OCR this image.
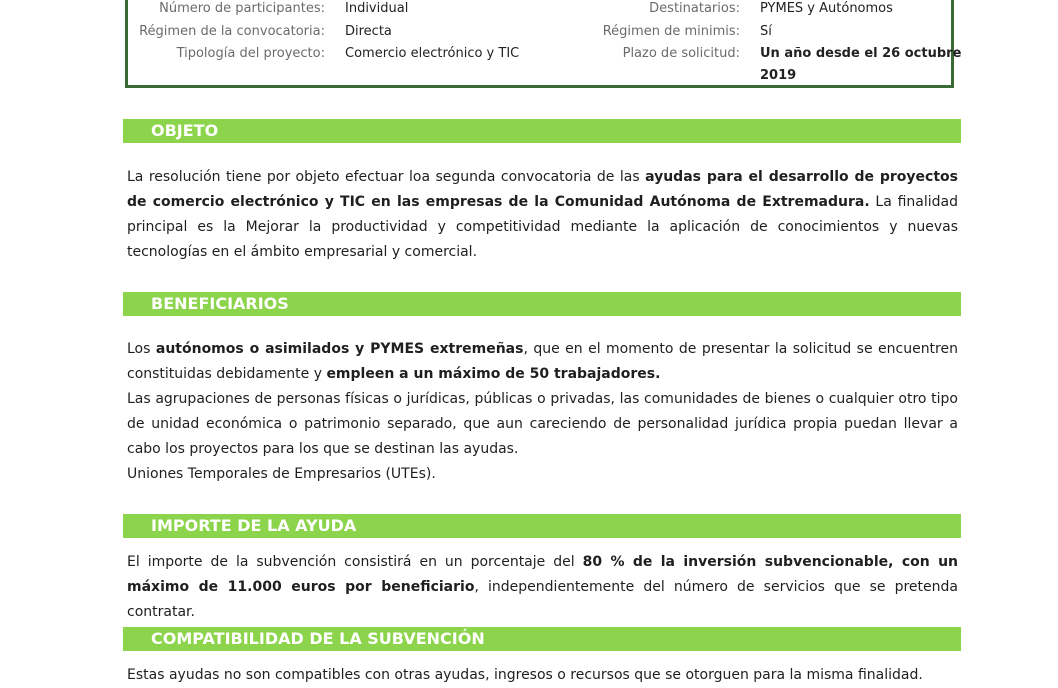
Número de participantes: Individual
Régimen de la convocatoria: Directa
Tipología del proyecto: Comercio electrónico y TIC
Destinatarios: PYMES y Autónomos
Régimen de minimis: Sí
Plazo de solicitud: Un año desde el 26 octubre
2019
OBJETO

La resolución tiene por objeto efectuar loa segunda convocatoria de las ayudas para el desarrollo de proyectos de comercio electrónico y TIC en las empresas de la Comunidad Autónoma de Extremadura. La finalidad principal es la Mejorar la productividad y competitividad mediante la aplicación de conocimientos y nuevas tecnologías en el ámbito empresarial y comercial.

BENEFICIARIOS

Los autónomos o asimilados y PYMES extremeñas, que en el momento de presentar la solicitud se encuentren constituidas debidamente y empleen a un máximo de 50 trabajadores.

Las agrupaciones de personas físicas o jurídicas, públicas o privadas, las comunidades de bienes o cualquier otro tipo de unidad económica o patrimonio separado, que aun careciendo de personalidad jurídica propia puedan llevar a cabo los proyectos para los que se destinan las ayudas.

Uniones Temporales de Empresarios (UTEs).

IMPORTE DE LA AYUDA

El importe de la subvención consistirá en un porcentaje del 80 % de la inversión subvencionable, con un máximo de 11.000 euros por beneficiario, independientemente del número de servicios que se pretenda contratar.

COMPATIBILIDAD DE LA SUBVENCIÓN

Estas ayudas no son compatibles con otras ayudas, ingresos o recursos que se otorguen para la misma finalidad.
